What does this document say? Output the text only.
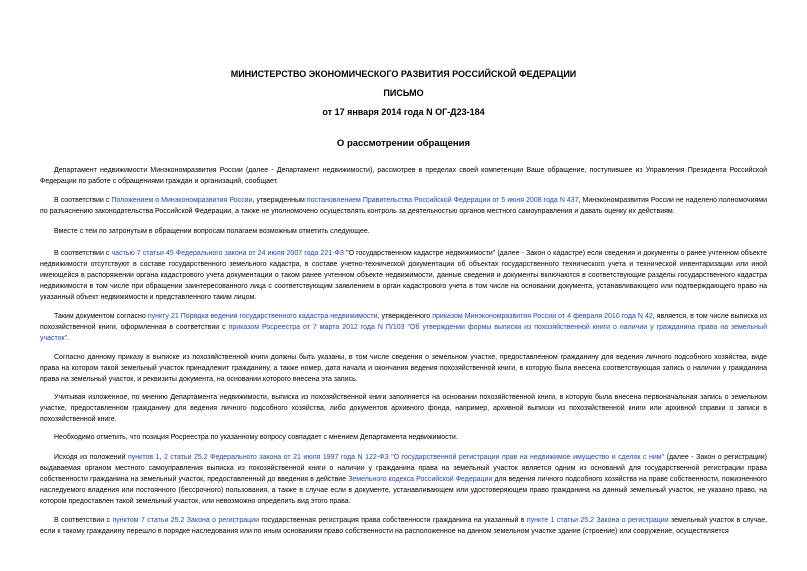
МИНИСТЕРСТВО ЭКОНОМИЧЕСКОГО РАЗВИТИЯ РОССИЙСКОЙ ФЕДЕРАЦИИ
ПИСЬМО
от 17 января 2014 года N ОГ-Д23-184
О рассмотрении обращения
Департамент недвижимости Минэкономразвития России (далее - Департамент недвижимости), рассмотрев в пределах своей компетенции Ваше обращение, поступившее из Управления Президента Российской Федерации по работе с обращениями граждан и организаций, сообщает.
В соответствии с Положением о Минэкономразвития России, утвержденным постановлением Правительства Российской Федерации от 5 июня 2008 года N 437, Минэкономразвития России не наделено полномочиями по разъяснению законодательства Российской Федерации, а также не уполномочено осуществлять контроль за деятельностью органов местного самоуправления и давать оценку их действиям.
Вместе с тем по затронутым в обращении вопросам полагаем возможным отметить следующее.
В соответствии с частью 7 статьи 45 Федерального закона от 24 июля 2007 года 221-ФЗ "О государственном кадастре недвижимости" (далее - Закон о кадастре) если сведения и документы о ранее учтенном объекте недвижимости отсутствуют в составе государственного земельного кадастра, в составе учетно-технической документации об объектах государственного технического учета и технической инвентаризации или иной имеющейся в распоряжении органа кадастрового учета документации о таком ранее учтенном объекте недвижимости, данные сведения и документы включаются в соответствующие разделы государственного кадастра недвижимости в том числе при обращении заинтересованного лица с соответствующим заявлением в орган кадастрового учета в том числе на основании документа, устанавливающего или подтверждающего право на указанный объект недвижимости и представленного таким лицом.
Таким документом согласно пункту 21 Порядка ведения государственного кадастра недвижимости, утвержденного приказом Минэкономразвития России от 4 февраля 2010 года N 42, является, в том числе выписка из похозяйственной книги, оформленная в соответствии с приказом Росреестра от 7 марта 2012 года N П/103 "Об утверждении формы выписки из похозяйственной книги о наличии у гражданина права на земельный участок".
Согласно данному приказу в выписке из похозяйственной книги должны быть указаны, в том числе сведения о земельном участке, предоставленном гражданину для ведения личного подсобного хозяйства, виде права на котором такой земельный участок принадлежит гражданину, а также номер, дата начала и окончания ведения похозяйственной книги, в которую была внесена соответствующая запись о наличии у гражданина права на земельный участок, и реквизиты документа, на основании которого внесена эта запись.
Учитывая изложенное, по мнению Департамента недвижимости, выписка из похозяйственной книги заполняется на основании похозяйственной книги, в которую была внесена первоначальная запись о земельном участке, предоставленном гражданину для ведения личного подсобного хозяйства, либо документов архивного фонда, например, архивной выписки из похозяйственной книги или архивной справки о записи в похозяйственной книге.
Необходимо отметить, что позиция Росреестра по указанному вопросу совпадает с мнением Департамента недвижимости.
Исходя из положений пунктов 1, 2 статьи 25.2 Федерального закона от 21 июля 1997 года N 122-ФЗ "О государственной регистрации прав на недвижимое имущество и сделок с ним" (далее - Закон о регистрации) выдаваемая органом местного самоуправления выписка из похозяйственной книги о наличии у гражданина права на земельный участок является одним из оснований для государственной регистрации права собственности гражданина на земельный участок, предоставленный до введения в действие Земельного кодекса Российской Федерации для ведения личного подсобного хозяйства на праве собственности, пожизненного наследуемого владения или постоянного (бессрочного) пользования, а также в случае если в документе, устанавливающем или удостоверяющем право гражданина на данный земельный участок, не указано право, на котором предоставлен такой земельный участок, или невозможно определить вид этого права.
В соответствии с пунктом 7 статьи 25.2 Закона о регистрации государственная регистрация права собственности гражданина на указанный в пункте 1 статьи 25.2 Закона о регистрации земельный участок в случае, если к такому гражданину перешло в порядке наследования или по иным основаниям право собственности на расположенное на данном земельном участке здание (строение) или сооружение, осуществляется
